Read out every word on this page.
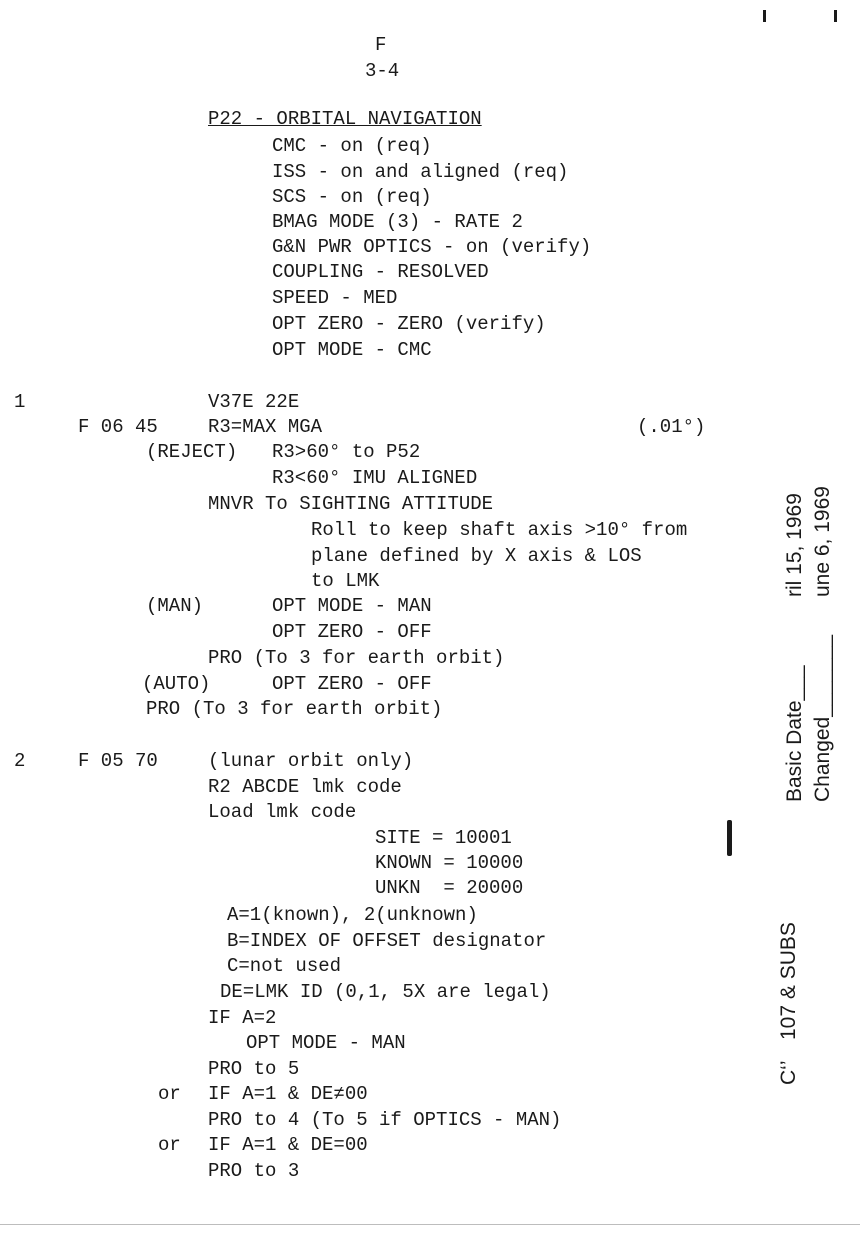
F
3-4
P22 - ORBITAL NAVIGATION
CMC - on (req)
ISS - on and aligned (req)
SCS - on (req)
BMAG MODE (3) - RATE 2
G&N PWR OPTICS - on (verify)
COUPLING - RESOLVED
SPEED - MED
OPT ZERO - ZERO (verify)
OPT MODE - CMC
1	V37E 22E
F 06 45	R3=MAX MGA	(.01°)
(REJECT) R3>60° to P52
R3<60° IMU ALIGNED
MNVR To SIGHTING ATTITUDE
Roll to keep shaft axis >10° from
plane defined by X axis & LOS
to LMK
(MAN)	OPT MODE - MAN
OPT ZERO - OFF
PRO (To 3 for earth orbit)
(AUTO)	OPT ZERO - OFF
PRO (To 3 for earth orbit)
2	F 05 70	(lunar orbit only)
R2 ABCDE lmk code
Load lmk code
SITE = 10001
KNOWN = 10000
UNKN  = 20000
A=1(known), 2(unknown)
B=INDEX OF OFFSET designator
C=not used
DE=LMK ID (0,1, 5X are legal)
IF A=2
OPT MODE - MAN
PRO to 5
or IF A=1 & DE≠00
PRO to 4 (To 5 if OPTICS - MAN)
or IF A=1 & DE=00
PRO to 3
Basic Date___
ril 15, 1969
Changed_______
une 6, 1969
107 & SUBS
C‘’
